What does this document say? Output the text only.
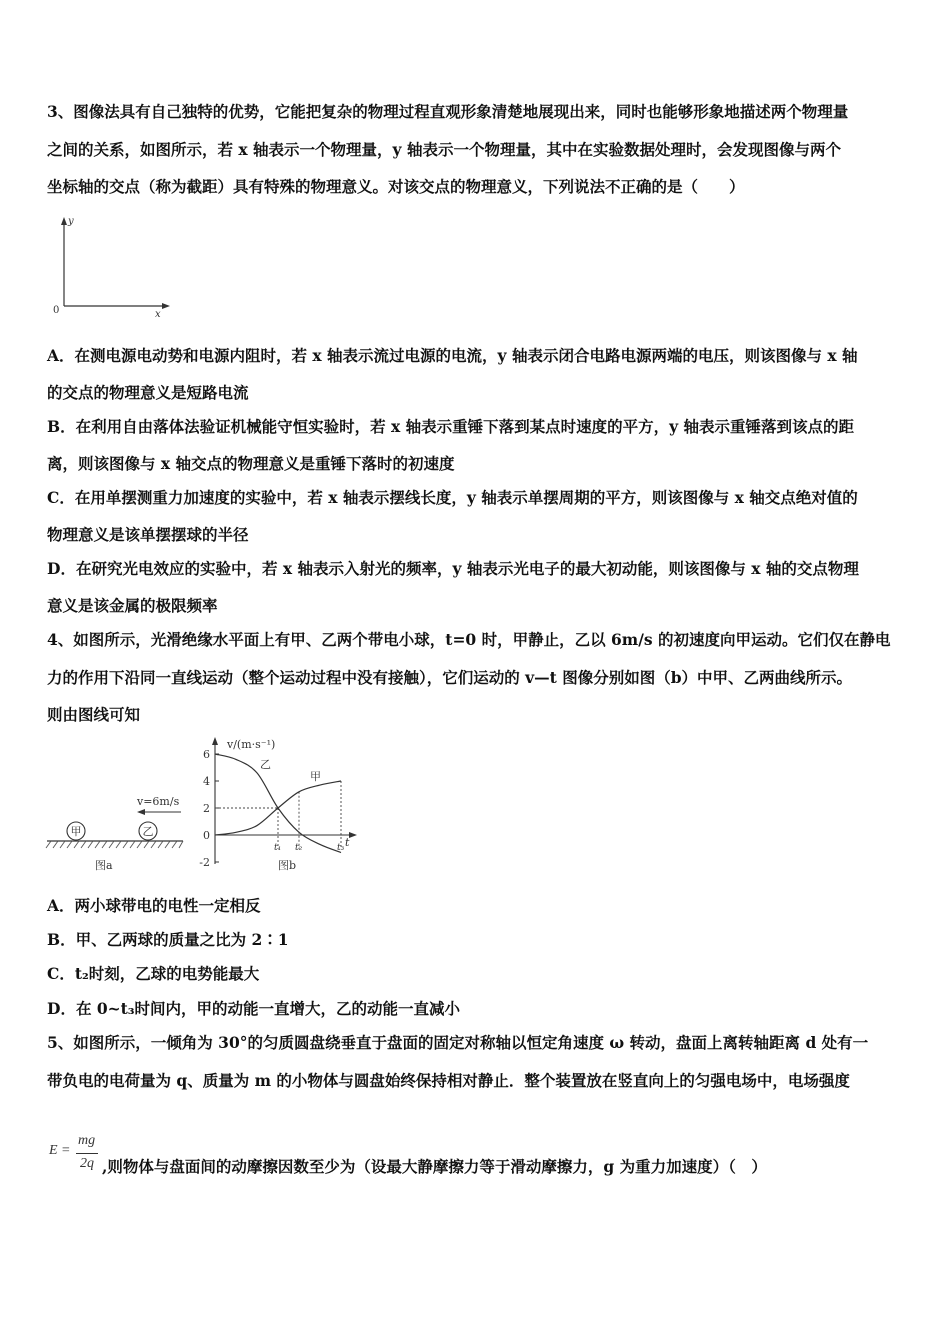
3、图像法具有自己独特的优势，它能把复杂的物理过程直观形象清楚地展现出来，同时也能够形象地描述两个物理量
之间的关系，如图所示，若 x 轴表示一个物理量，y 轴表示一个物理量，其中在实验数据处理时，会发现图像与两个
坐标轴的交点（称为截距）具有特殊的物理意义。对该交点的物理意义，下列说法不正确的是（　　）
y
x
0
A．在测电源电动势和电源内阻时，若 x 轴表示流过电源的电流，y 轴表示闭合电路电源两端的电压，则该图像与 x 轴
的交点的物理意义是短路电流
B．在利用自由落体法验证机械能守恒实验时，若 x 轴表示重锤下落到某点时速度的平方，y 轴表示重锤落到该点的距
离，则该图像与 x 轴交点的物理意义是重锤下落时的初速度
C．在用单摆测重力加速度的实验中，若 x 轴表示摆线长度，y 轴表示单摆周期的平方，则该图像与 x 轴交点绝对值的
物理意义是该单摆摆球的半径
D．在研究光电效应的实验中，若 x 轴表示入射光的频率，y 轴表示光电子的最大初动能，则该图像与 x 轴的交点物理
意义是该金属的极限频率
4、如图所示，光滑绝缘水平面上有甲、乙两个带电小球，t=0 时，甲静止，乙以 6m/s 的初速度向甲运动。它们仅在静电
力的作用下沿同一直线运动（整个运动过程中没有接触），它们运动的 v—t 图像分别如图（b）中甲、乙两曲线所示。
则由图线可知
v=6m/s
甲	乙
图a
v/(m·s⁻¹)
t
6
4
2
0
-2
t₁ t₂	t₃
乙
甲
图b
A．两小球带电的电性一定相反
B．甲、乙两球的质量之比为 2∶1
C．t₂时刻，乙球的电势能最大
D．在 0~t₃时间内，甲的动能一直增大，乙的动能一直减小
5、如图所示，一倾角为 30°的匀质圆盘绕垂直于盘面的固定对称轴以恒定角速度 ω 转动，盘面上离转轴距离 d 处有一
带负电的电荷量为 q、质量为 m 的小物体与圆盘始终保持相对静止．整个装置放在竖直向上的匀强电场中，电场强度
E =
mg
2q ,则物体与盘面间的动摩擦因数至少为（设最大静摩擦力等于滑动摩擦力，g 为重力加速度）（　）
